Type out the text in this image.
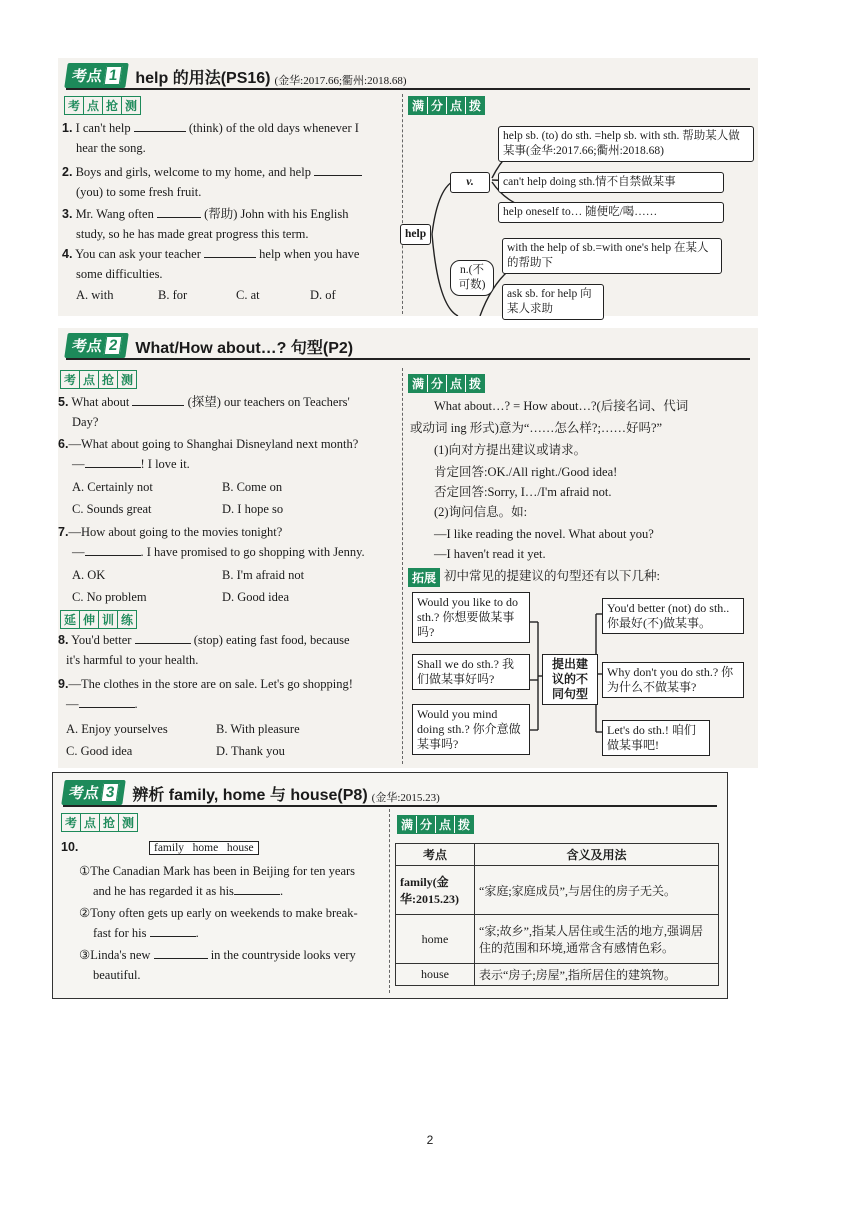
考点 1 help 的用法(PS16) (金华:2017.66;衢州:2018.68)
考 点 抢 测
1. I can't help	(think) of the old days whenever I
hear the song.
2. Boys and girls, welcome to my home, and help
(you) to some fresh fruit.
3. Mr. Wang often	(帮助) John with his English
study, so he has made great progress this term.
4. You can ask your teacher	help when you have
some difficulties.
A. with	B. for	C. at	D. of
满 分 点 拨
help
v.
n.(不可数)
help sb. (to) do sth. =help sb. with sth. 帮助某人做某事(金华:2017.66;衢州:2018.68)
can't help doing sth.情不自禁做某事
help oneself to… 随便吃/喝……
with the help of sb.=with one's help 在某人的帮助下
ask sb. for help 向某人求助
考点 2 What/How about…? 句型(P2)
考 点 抢 测
5. What about	(探望) our teachers on Teachers'
Day?
6.—What about going to Shanghai Disneyland next month?
—	! I love it.
A. Certainly not	B. Come on
C. Sounds great	D. I hope so
7.—How about going to the movies tonight?
—	. I have promised to go shopping with Jenny.
A. OK	B. I'm afraid not
C. No problem	D. Good idea
延 伸 训 练
8. You'd better	(stop) eating fast food, because
it's harmful to your health.
9.—The clothes in the store are on sale. Let's go shopping!
—	.
A. Enjoy yourselves	B. With pleasure
C. Good idea	D. Thank you
满 分 点 拨
What about…? = How about…?(后接名词、代词
或动词 ing 形式)意为“……怎么样?;……好吗?”
(1)向对方提出建议或请求。
肯定回答:OK./All right./Good idea!
否定回答:Sorry, I…/I'm afraid not.
(2)询问信息。如:
—I like reading the novel. What about you?
—I haven't read it yet.
拓展 初中常见的提建议的句型还有以下几种:
Would you like to do sth.? 你想要做某事吗?
Shall we do sth.? 我们做某事好吗?
Would you mind doing sth.? 你介意做某事吗?
提出建议的不同句型
You'd better (not) do sth.. 你最好(不)做某事。
Why don't you do sth.? 你为什么不做某事?
Let's do sth.! 咱们做某事吧!
考点 3 辨析 family, home 与 house(P8) (金华:2015.23)
考 点 抢 测
10.	family   home   house
①The Canadian Mark has been in Beijing for ten years
and he has regarded it as his	.
②Tony often gets up early on weekends to make break-
fast for his	.
③Linda's new	in the countryside looks very
beautiful.
满 分 点 拨
考点	含义及用法
family(金华:2015.23)	“家庭;家庭成员”,与居住的房子无关。
home	“家;故乡”,指某人居住或生活的地方,强调居住的范围和环境,通常含有感情色彩。
house	表示“房子;房屋”,指所居住的建筑物。
2
